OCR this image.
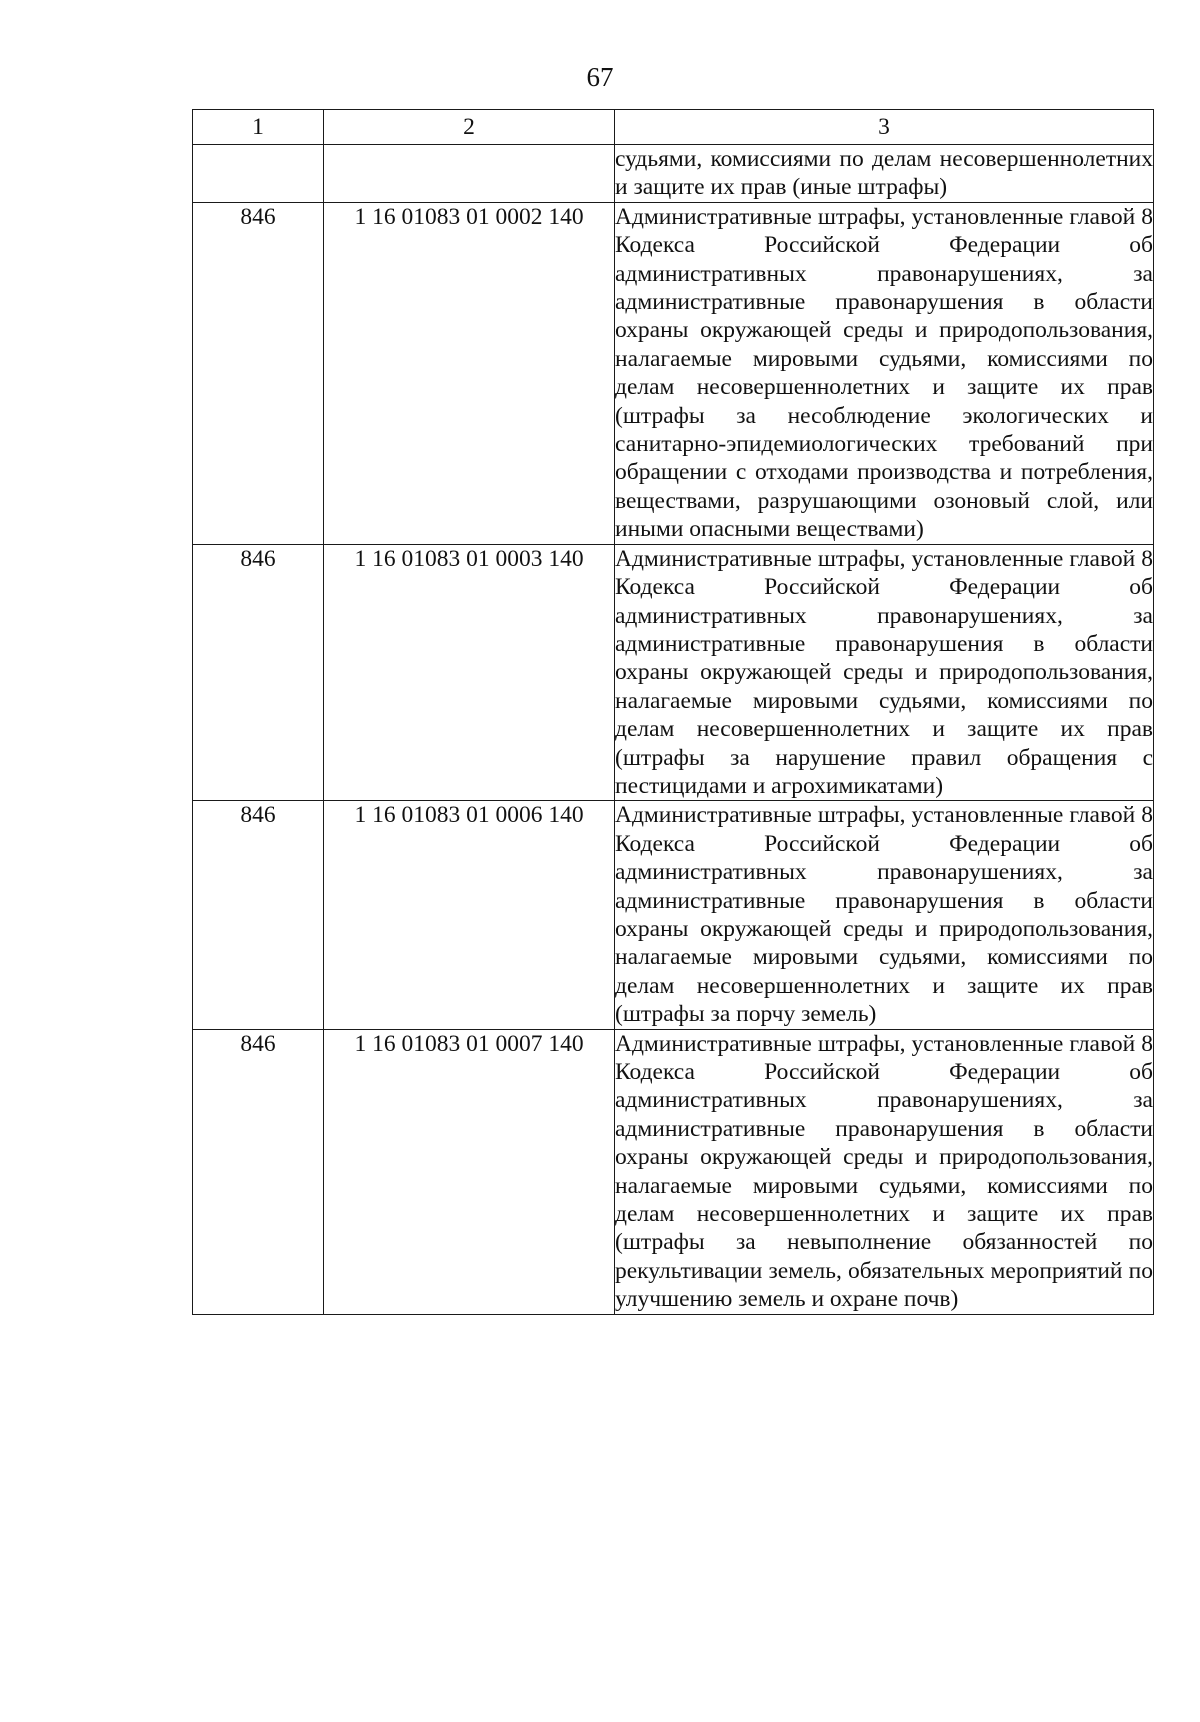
67
1	2	3
		судьями, комиссиями по делам несовершеннолетних и защите их прав (иные штрафы)
846	1 16 01083 01 0002 140	Административные штрафы, установленные главой 8 Кодекса Российской Федерации об административных правонарушениях, за административные правонарушения в области охраны окружающей среды и природопользования, налагаемые мировыми судьями, комиссиями по делам несовершеннолетних и защите их прав (штрафы за несоблюдение экологических и санитарно-эпидемиологических требований при обращении с отходами производства и потребления, веществами, разрушающими озоновый слой, или иными опасными веществами)
846	1 16 01083 01 0003 140	Административные штрафы, установленные главой 8 Кодекса Российской Федерации об административных правонарушениях, за административные правонарушения в области охраны окружающей среды и природопользования, налагаемые мировыми судьями, комиссиями по делам несовершеннолетних и защите их прав (штрафы за нарушение правил обращения с пестицидами и агрохимикатами)
846	1 16 01083 01 0006 140	Административные штрафы, установленные главой 8 Кодекса Российской Федерации об административных правонарушениях, за административные правонарушения в области охраны окружающей среды и природопользования, налагаемые мировыми судьями, комиссиями по делам несовершеннолетних и защите их прав (штрафы за порчу земель)
846	1 16 01083 01 0007 140	Административные штрафы, установленные главой 8 Кодекса Российской Федерации об административных правонарушениях, за административные правонарушения в области охраны окружающей среды и природопользования, налагаемые мировыми судьями, комиссиями по делам несовершеннолетних и защите их прав (штрафы за невыполнение обязанностей по рекультивации земель, обязательных мероприятий по улучшению земель и охране почв)
